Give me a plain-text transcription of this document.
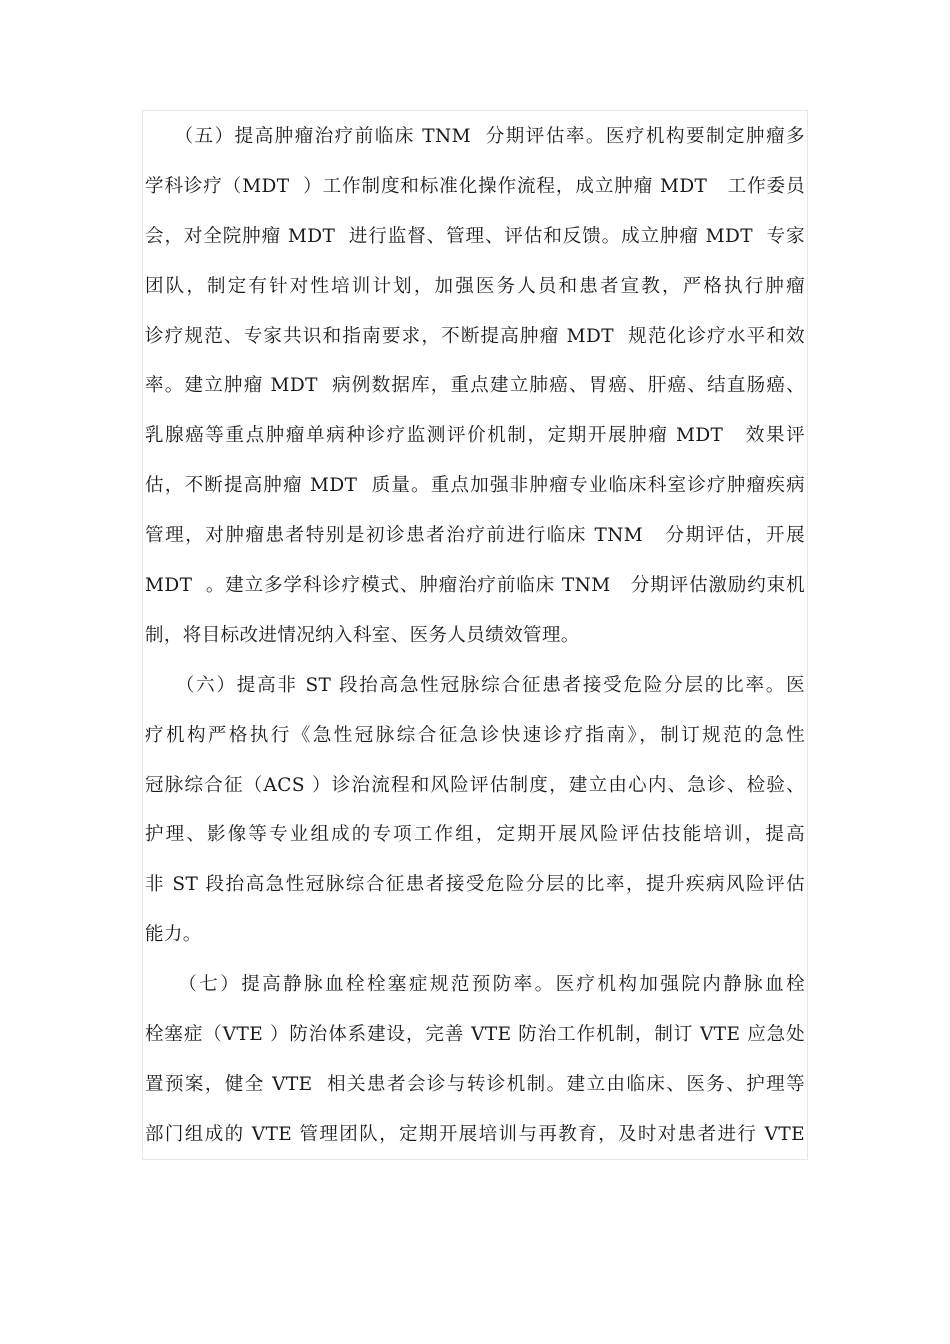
（五）提高肿瘤治疗前临床 TNM  分期评估率。医疗机构要制定肿瘤多
学科诊疗（MDT  ）工作制度和标准化操作流程，成立肿瘤 MDT   工作委员
会，对全院肿瘤 MDT  进行监督、管理、评估和反馈。成立肿瘤 MDT  专家
团队，制定有针对性培训计划，加强医务人员和患者宣教，严格执行肿瘤
诊疗规范、专家共识和指南要求，不断提高肿瘤 MDT  规范化诊疗水平和效
率。建立肿瘤 MDT  病例数据库，重点建立肺癌、胃癌、肝癌、结直肠癌、
乳腺癌等重点肿瘤单病种诊疗监测评价机制，定期开展肿瘤 MDT   效果评
估，不断提高肿瘤 MDT  质量。重点加强非肿瘤专业临床科室诊疗肿瘤疾病
管理，对肿瘤患者特别是初诊患者治疗前进行临床 TNM   分期评估，开展
MDT  。建立多学科诊疗模式、肿瘤治疗前临床 TNM   分期评估激励约束机
制，将目标改进情况纳入科室、医务人员绩效管理。
（六）提高非 ST 段抬高急性冠脉综合征患者接受危险分层的比率。医
疗机构严格执行《急性冠脉综合征急诊快速诊疗指南》，制订规范的急性
冠脉综合征（ACS ）诊治流程和风险评估制度，建立由心内、急诊、检验、
护理、影像等专业组成的专项工作组，定期开展风险评估技能培训，提高
非 ST 段抬高急性冠脉综合征患者接受危险分层的比率，提升疾病风险评估
能力。
（七）提高静脉血栓栓塞症规范预防率。医疗机构加强院内静脉血栓
栓塞症（VTE ）防治体系建设，完善 VTE 防治工作机制，制订 VTE 应急处
置预案，健全 VTE  相关患者会诊与转诊机制。建立由临床、医务、护理等
部门组成的 VTE 管理团队，定期开展培训与再教育，及时对患者进行 VTE
